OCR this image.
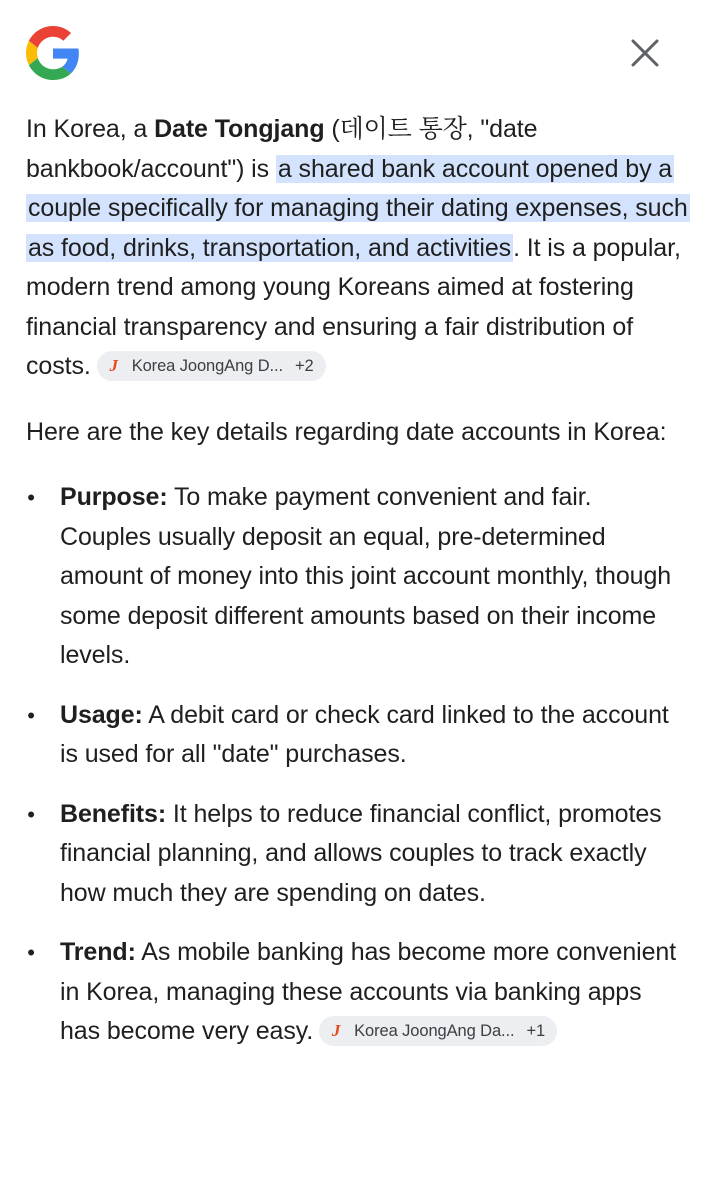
In Korea, a Date Tongjang (데이트 통장, "date bankbook/account") is a shared bank account opened by a couple specifically for managing their dating expenses, such as food, drinks, transportation, and activities. It is a popular, modern trend among young Koreans aimed at fostering financial transparency and ensuring a fair distribution of costs. J Korea JoongAng D... +2

Here are the key details regarding date accounts in Korea:

• Purpose: To make payment convenient and fair. Couples usually deposit an equal, pre-determined amount of money into this joint account monthly, though some deposit different amounts based on their income levels.
• Usage: A debit card or check card linked to the account is used for all "date" purchases.
• Benefits: It helps to reduce financial conflict, promotes financial planning, and allows couples to track exactly how much they are spending on dates.
• Trend: As mobile banking has become more convenient in Korea, managing these accounts via banking apps has become very easy. J Korea JoongAng Da... +1
